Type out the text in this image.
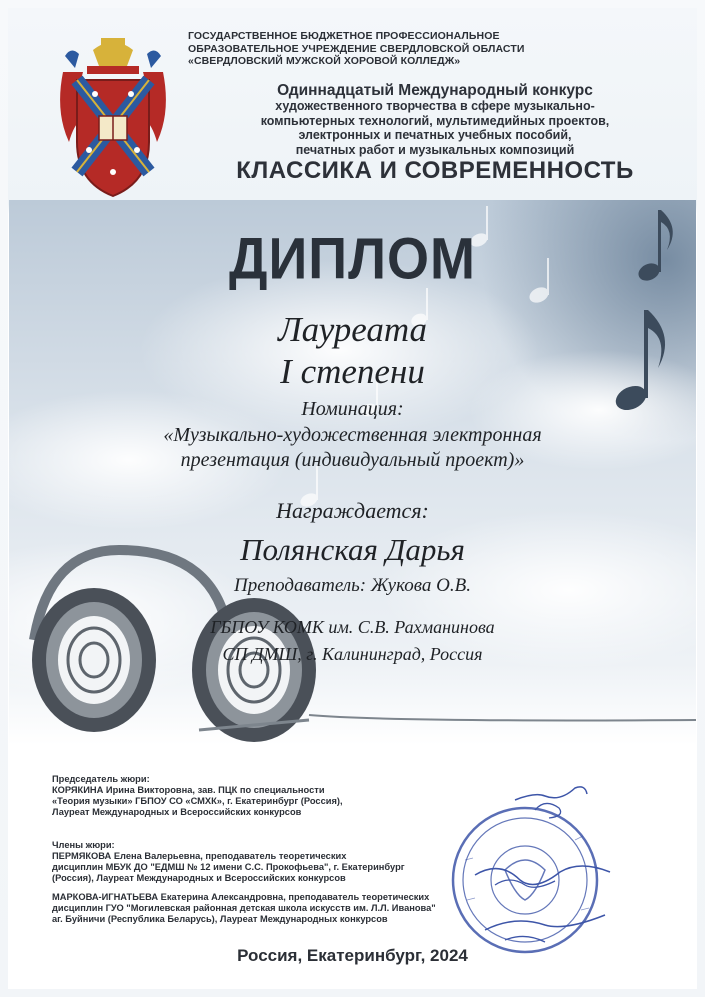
ГОСУДАРСТВЕННОЕ БЮДЖЕТНОЕ ПРОФЕССИОНАЛЬНОЕ
ОБРАЗОВАТЕЛЬНОЕ УЧРЕЖДЕНИЕ СВЕРДЛОВСКОЙ ОБЛАСТИ
«СВЕРДЛОВСКИЙ МУЖСКОЙ ХОРОВОЙ КОЛЛЕДЖ»
Одиннадцатый Международный конкурс
художественного творчества в сфере музыкально-
компьютерных технологий, мультимедийных проектов,
электронных и печатных учебных пособий,
печатных работ и музыкальных композиций
КЛАССИКА И СОВРЕМЕННОСТЬ
ДИПЛОМ
Лауреата
I степени
Номинация:
«Музыкально-художественная электронная
презентация (индивидуальный проект)»
Награждается:
Полянская Дарья
Преподаватель: Жукова О.В.
ГБПОУ КОМК им. С.В. Рахманинова
СП ДМШ, г. Калининград, Россия
Председатель жюри:
КОРЯКИНА Ирина Викторовна, зав. ПЦК по специальности
«Теория музыки» ГБПОУ СО «СМХК», г. Екатеринбург (Россия),
Лауреат Международных и Всероссийских конкурсов
Члены жюри:
ПЕРМЯКОВА Елена Валерьевна, преподаватель теоретических
дисциплин МБУК ДО "ЕДМШ № 12 имени С.С. Прокофьева", г. Екатеринбург
(Россия), Лауреат Международных и Всероссийских конкурсов
МАРКОВА-ИГНАТЬЕВА Екатерина Александровна, преподаватель теоретических
дисциплин ГУО "Могилевская районная детская школа искусств им. Л.Л. Иванова"
аг. Буйничи (Республика Беларусь), Лауреат Международных конкурсов
Россия, Екатеринбург, 2024
